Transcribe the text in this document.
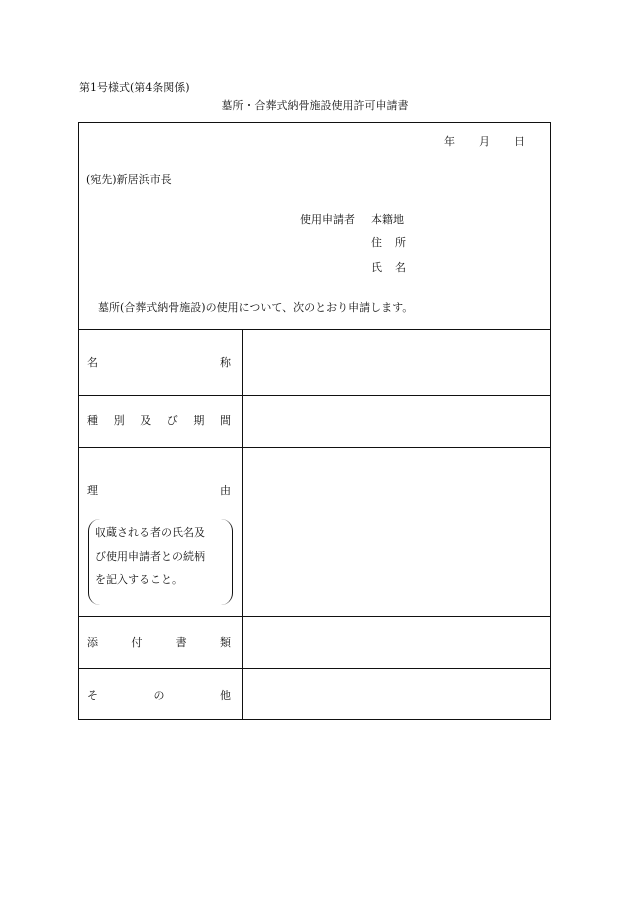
第1号様式(第4条関係)
墓所・合葬式納骨施設使用許可申請書
年 月 日
(宛先)新居浜市長
使用申請者 本籍地
住 所
氏 名
墓所(合葬式納骨施設)の使用について、次のとおり申請します。
名	称
種 別 及 び 期 間
理	由
収蔵される者の氏名及
び使用申請者との続柄
を記入すること。
添	付	書	類
そ	の	他
